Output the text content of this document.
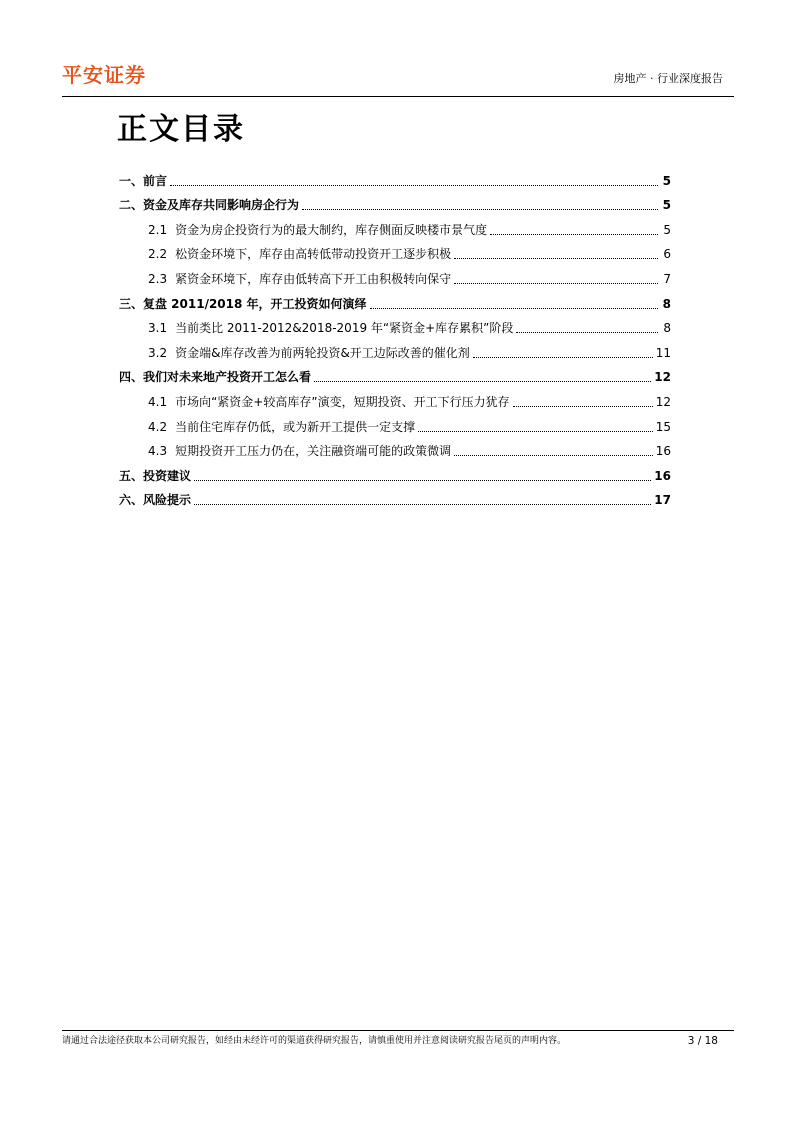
平安证券	房地产 · 行业深度报告
正文目录
一、前言	5
二、资金及库存共同影响房企行为	5
2.1 资金为房企投资行为的最大制约，库存侧面反映楼市景气度	5
2.2 松资金环境下，库存由高转低带动投资开工逐步积极	6
2.3 紧资金环境下，库存由低转高下开工由积极转向保守	7
三、复盘 2011/2018 年，开工投资如何演绎	8
3.1 当前类比 2011-2012&2018-2019 年“紧资金+库存累积”阶段	8
3.2 资金端&库存改善为前两轮投资&开工边际改善的催化剂	11
四、我们对未来地产投资开工怎么看	12
4.1 市场向“紧资金+较高库存”演变，短期投资、开工下行压力犹存	12
4.2 当前住宅库存仍低，或为新开工提供一定支撑	15
4.3 短期投资开工压力仍在，关注融资端可能的政策微调	16
五、投资建议	16
六、风险提示	17
请通过合法途径获取本公司研究报告，如经由未经许可的渠道获得研究报告，请慎重使用并注意阅读研究报告尾页的声明内容。	3 / 18
